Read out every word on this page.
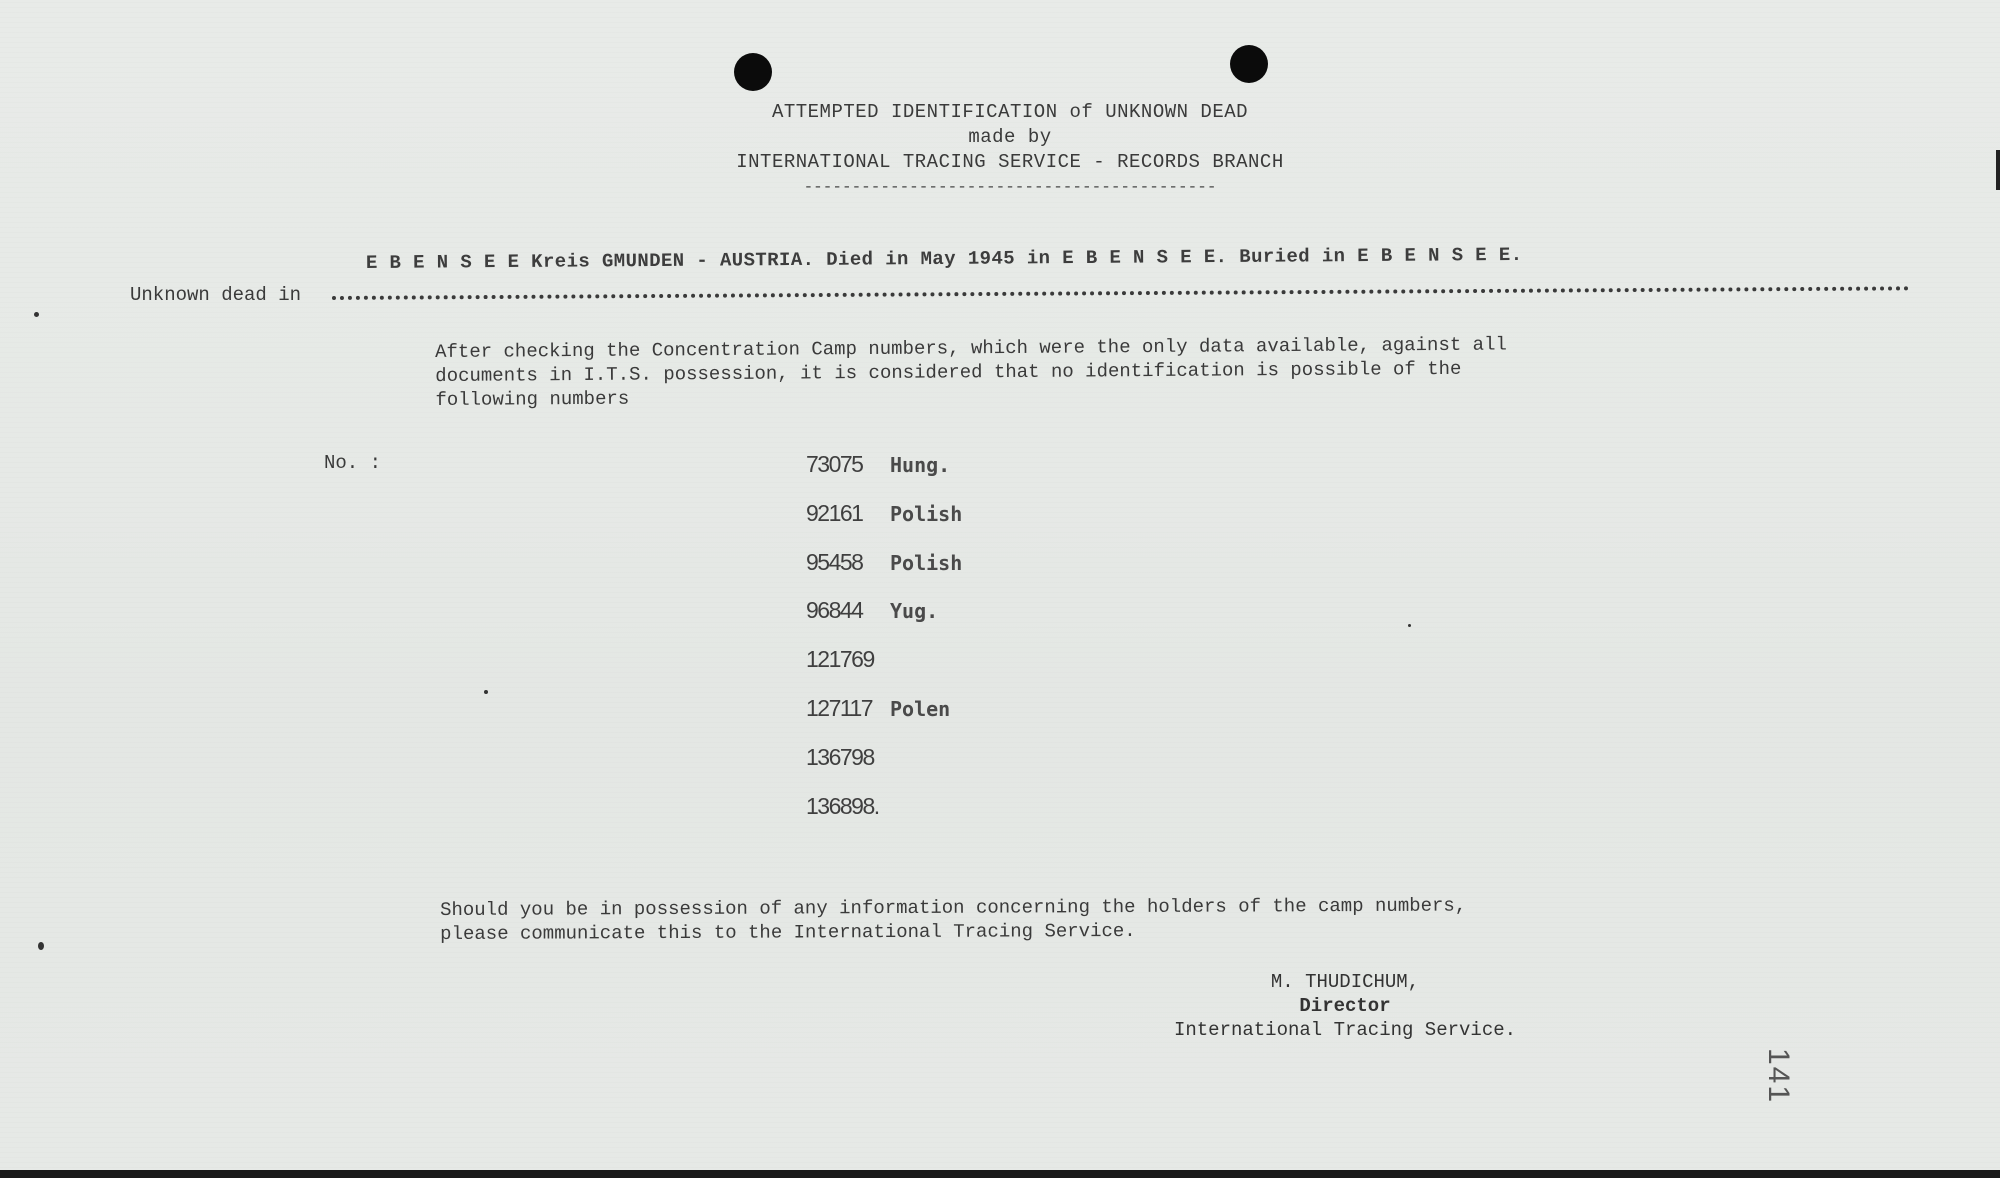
ATTEMPTED IDENTIFICATION of UNKNOWN DEAD
made by
INTERNATIONAL TRACING SERVICE - RECORDS BRANCH
-------------------------------------------
Unknown dead in
E B E N S E E Kreis GMUNDEN - AUSTRIA. Died in May 1945 in E B E N S E E. Buried in E B E N S E E.
After checking the Concentration Camp numbers, which were the only data available, against all
documents in I.T.S. possession, it is considered that no identification is possible of the
following numbers
No. :	73075 Hung.
92161 Polish
95458 Polish
96844 Yug.
121769
127117 Polen
136798
136898.
Should you be in possession of any information concerning the holders of the camp numbers,
please communicate this to the International Tracing Service.
M. THUDICHUM,
Director
International Tracing Service.
141
